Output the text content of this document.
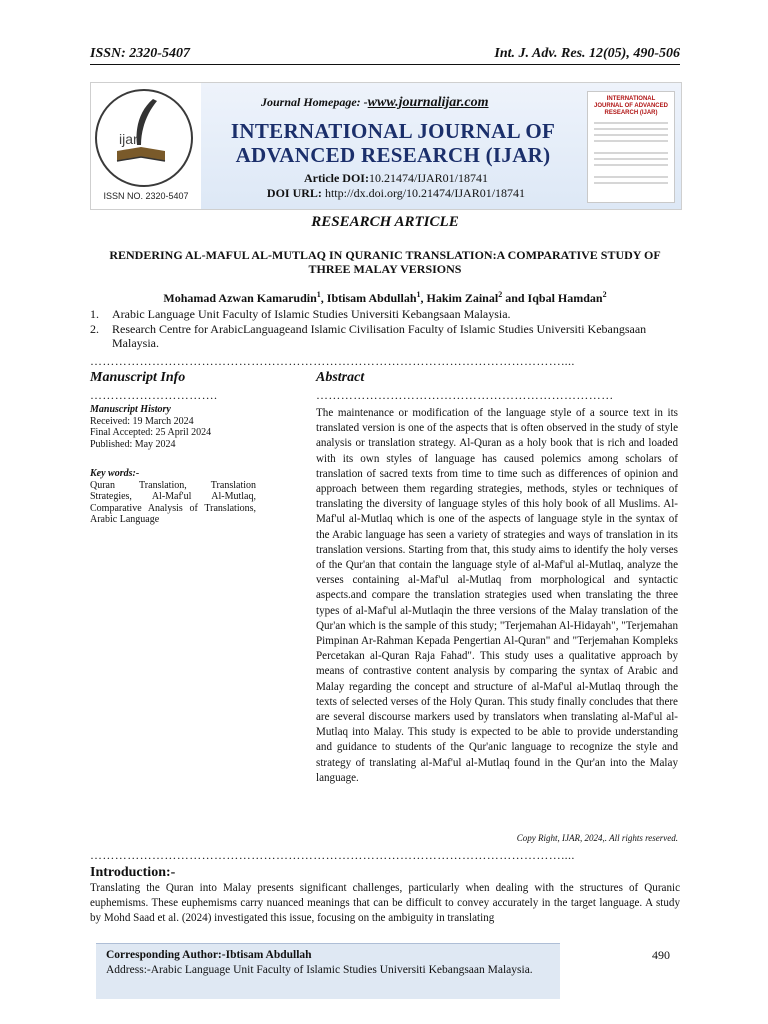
ISSN: 2320-5407	Int. J. Adv. Res. 12(05), 490-506
ijar
ISSN NO. 2320-5407
Journal Homepage: -www.journalijar.com
INTERNATIONAL JOURNAL OF
ADVANCED RESEARCH (IJAR)
Article DOI:10.21474/IJAR01/18741
DOI URL: http://dx.doi.org/10.21474/IJAR01/18741
INTERNATIONAL JOURNAL OF ADVANCED RESEARCH (IJAR)
RESEARCH ARTICLE
RENDERING AL-MAFUL AL-MUTLAQ IN QURANIC TRANSLATION:A COMPARATIVE STUDY OF THREE MALAY VERSIONS
Mohamad Azwan Kamarudin$^1$, Ibtisam Abdullah$^1$, Hakim Zainal$^2$ and Iqbal Hamdan$^2$
1.	Arabic Language Unit Faculty of Islamic Studies Universiti Kebangsaan Malaysia.
2.	Research Centre for ArabicLanguageand Islamic Civilisation Faculty of Islamic Studies Universiti Kebangsaan Malaysia.
……………………………………………………………………………………………………....
Manuscript Info	Abstract
………………………….	………………………………………………………………
Manuscript History
Received: 19 March 2024
Final Accepted: 25 April 2024
Published: May 2024
Key words:-
Quran Translation, Translation Strategies, Al-Maf'ul Al-Mutlaq, Comparative Analysis of Translations, Arabic Language
The maintenance or modification of the language style of a source text in its translated version is one of the aspects that is often observed in the study of style analysis or translation strategy. Al-Quran as a holy book that is rich and loaded with its own styles of language has caused polemics among scholars of translation of sacred texts from time to time such as differences of opinion and approach between them regarding strategies, methods, styles or techniques of translating the diversity of language styles of this holy book of all Muslims. Al-Maf'ul al-Mutlaq which is one of the aspects of language style in the syntax of the Arabic language has seen a variety of strategies and ways of translation in its translation versions. Starting from that, this study aims to identify the holy verses of the Qur'an that contain the language style of al-Maf'ul al-Mutlaq, analyze the verses containing al-Maf'ul al-Mutlaq from morphological and syntactic aspects.and compare the translation strategies used when translating the three types of al-Maf'ul al-Mutlaqin the three versions of the Malay translation of the Qur'an which is the sample of this study; "Terjemahan Al-Hidayah", "Terjemahan Pimpinan Ar-Rahman Kepada Pengertian Al-Quran" and "Terjemahan Kompleks Percetakan al-Quran Raja Fahad". This study uses a qualitative approach by means of contrastive content analysis by comparing the syntax of Arabic and Malay regarding the concept and structure of al-Maf'ul al-Mutlaq through the texts of selected verses of the Holy Quran. This study finally concludes that there are several discourse markers used by translators when translating al-Maf'ul al-Mutlaq into Malay. This study is expected to be able to provide understanding and guidance to students of the Qur'anic language to recognize the style and strategy of translating al-Maf'ul al-Mutlaq found in the Qur'an into the Malay language.
Copy Right, IJAR, 2024,. All rights reserved.
……………………………………………………………………………………………………....
Introduction:-
Translating the Quran into Malay presents significant challenges, particularly when dealing with the structures of Quranic euphemisms. These euphemisms carry nuanced meanings that can be difficult to convey accurately in the target language. A study by Mohd Saad et al. (2024) investigated this issue, focusing on the ambiguity in translating
Corresponding Author:-Ibtisam Abdullah
Address:-Arabic Language Unit Faculty of Islamic Studies Universiti Kebangsaan Malaysia.
490
